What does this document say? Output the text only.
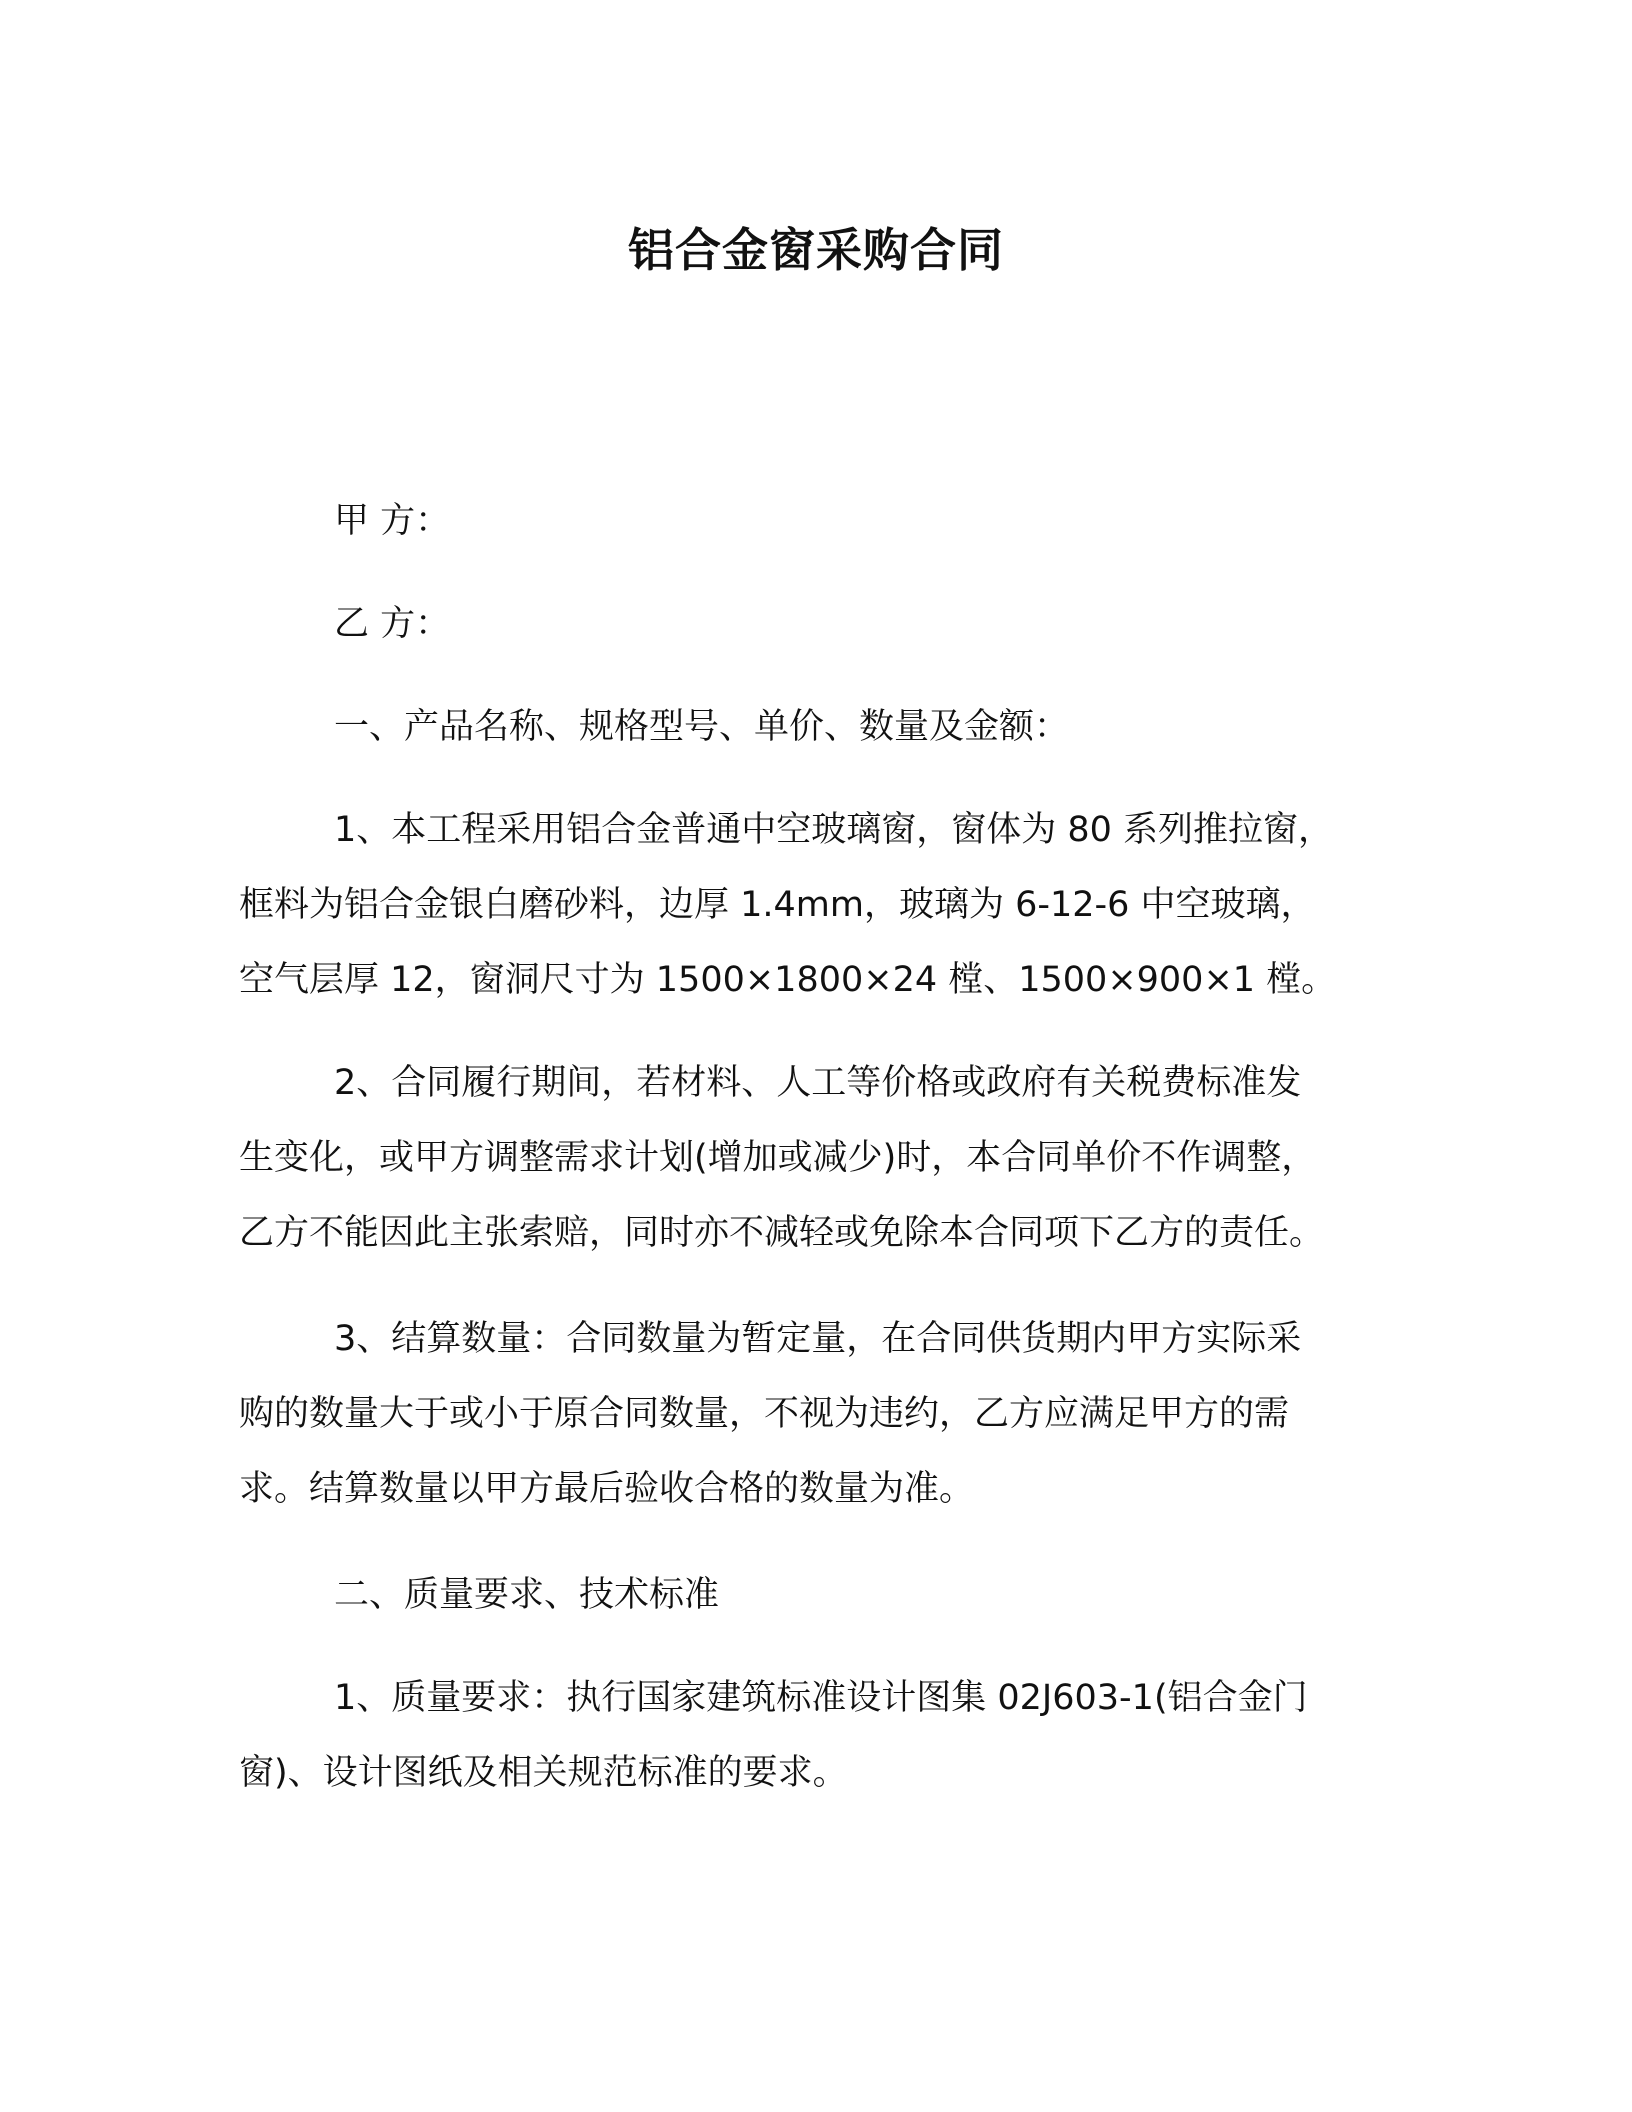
铝合金窗采购合同

甲 方：

乙 方：

一、产品名称、规格型号、单价、数量及金额：

1、本工程采用铝合金普通中空玻璃窗，窗体为 80 系列推拉窗，

框料为铝合金银白磨砂料，边厚 1.4mm，玻璃为 6-12-6 中空玻璃，

空气层厚 12，窗洞尺寸为 1500×1800×24 樘、1500×900×1 樘。

2、合同履行期间，若材料、人工等价格或政府有关税费标准发

生变化，或甲方调整需求计划(增加或减少)时，本合同单价不作调整，

乙方不能因此主张索赔，同时亦不减轻或免除本合同项下乙方的责任。

3、结算数量：合同数量为暂定量，在合同供货期内甲方实际采

购的数量大于或小于原合同数量，不视为违约，乙方应满足甲方的需

求。结算数量以甲方最后验收合格的数量为准。

二、质量要求、技术标准

1、质量要求：执行国家建筑标准设计图集 02J603-1(铝合金门

窗)、设计图纸及相关规范标准的要求。
